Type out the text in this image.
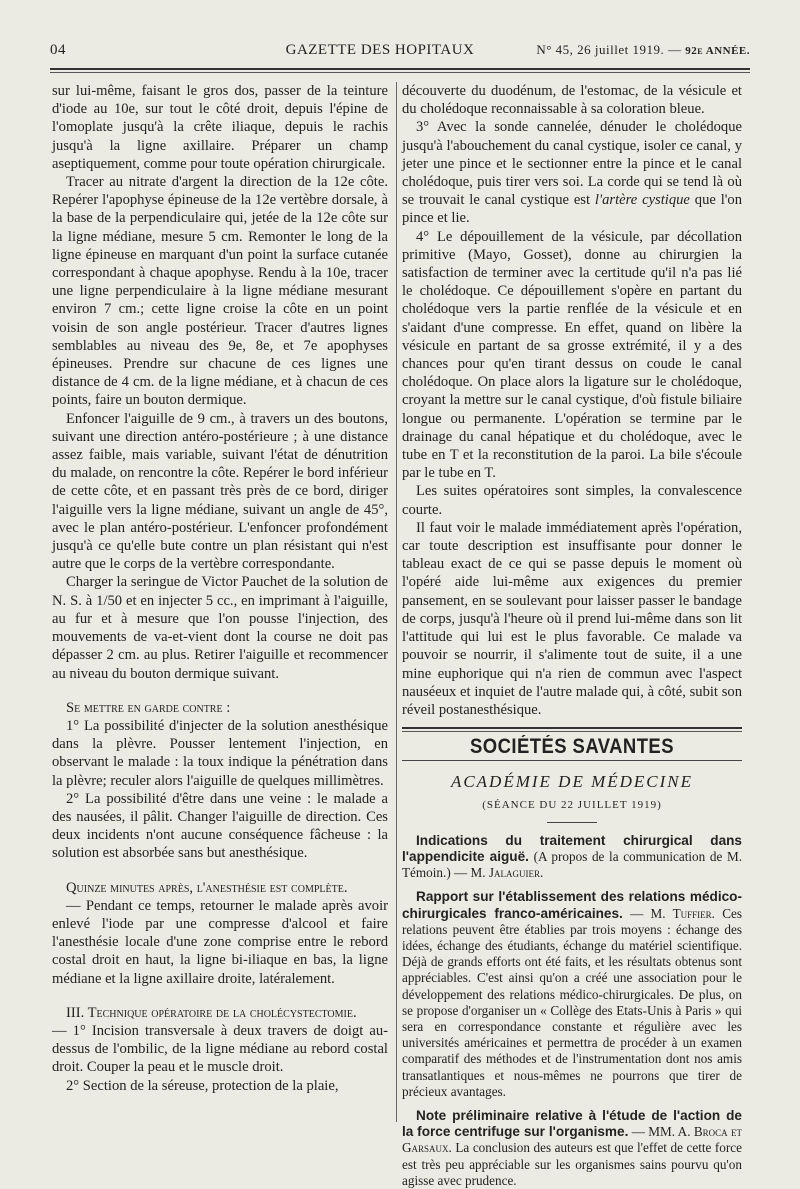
04	GAZETTE DES HOPITAUX	N° 45, 26 juillet 1919. — 92e ANNÉE.

sur lui-même, faisant le gros dos, passer de la teinture d'iode au 10e, sur tout le côté droit, depuis l'épine de l'omoplate jusqu'à la crête iliaque, depuis le rachis jusqu'à la ligne axillaire. Préparer un champ aseptiquement, comme pour toute opération chirurgicale.

Tracer au nitrate d'argent la direction de la 12e côte. Repérer l'apophyse épineuse de la 12e vertèbre dorsale, à la base de la perpendiculaire qui, jetée de la 12e côte sur la ligne médiane, mesure 5 cm. Remonter le long de la ligne épineuse en marquant d'un point la surface cutanée correspondant à chaque apophyse. Rendu à la 10e, tracer une ligne perpendiculaire à la ligne médiane mesurant environ 7 cm.; cette ligne croise la côte en un point voisin de son angle postérieur. Tracer d'autres lignes semblables au niveau des 9e, 8e, et 7e apophyses épineuses. Prendre sur chacune de ces lignes une distance de 4 cm. de la ligne médiane, et à chacun de ces points, faire un bouton dermique.

Enfoncer l'aiguille de 9 cm., à travers un des boutons, suivant une direction antéro-postérieure ; à une distance assez faible, mais variable, suivant l'état de dénutrition du malade, on rencontre la côte. Repérer le bord inférieur de cette côte, et en passant très près de ce bord, diriger l'aiguille vers la ligne médiane, suivant un angle de 45°, avec le plan antéro-postérieur. L'enfoncer profondément jusqu'à ce qu'elle bute contre un plan résistant qui n'est autre que le corps de la vertèbre correspondante.

Charger la seringue de Victor Pauchet de la solution de N. S. à 1/50 et en injecter 5 cc., en imprimant à l'aiguille, au fur et à mesure que l'on pousse l'injection, des mouvements de va-et-vient dont la course ne doit pas dépasser 2 cm. au plus. Retirer l'aiguille et recommencer au niveau du bouton dermique suivant.

Se mettre en garde contre :

1° La possibilité d'injecter de la solution anesthésique dans la plèvre. Pousser lentement l'injection, en observant le malade : la toux indique la pénétration dans la plèvre; reculer alors l'aiguille de quelques millimètres.

2° La possibilité d'être dans une veine : le malade a des nausées, il pâlit. Changer l'aiguille de direction. Ces deux incidents n'ont aucune conséquence fâcheuse : la solution est absorbée sans but anesthésique.

Quinze minutes après, l'anesthésie est complète.

— Pendant ce temps, retourner le malade après avoir enlevé l'iode par une compresse d'alcool et faire l'anesthésie locale d'une zone comprise entre le rebord costal droit en haut, la ligne bi-iliaque en bas, la ligne médiane et la ligne axillaire droite, latéralement.

III. Technique opératoire de la cholécystectomie.

— 1° Incision transversale à deux travers de doigt au-dessus de l'ombilic, de la ligne médiane au rebord costal droit. Couper la peau et le muscle droit.

2° Section de la séreuse, protection de la plaie,

découverte du duodénum, de l'estomac, de la vésicule et du cholédoque reconnaissable à sa coloration bleue.

3° Avec la sonde cannelée, dénuder le cholédoque jusqu'à l'abouchement du canal cystique, isoler ce canal, y jeter une pince et le sectionner entre la pince et le canal cholédoque, puis tirer vers soi. La corde qui se tend là où se trouvait le canal cystique est l'artère cystique que l'on pince et lie.

4° Le dépouillement de la vésicule, par décollation primitive (Mayo, Gosset), donne au chirurgien la satisfaction de terminer avec la certitude qu'il n'a pas lié le cholédoque. Ce dépouillement s'opère en partant du cholédoque vers la partie renflée de la vésicule et en s'aidant d'une compresse. En effet, quand on libère la vésicule en partant de sa grosse extrémité, il y a des chances pour qu'en tirant dessus on coude le canal cholédoque. On place alors la ligature sur le cholédoque, croyant la mettre sur le canal cystique, d'où fistule biliaire longue ou permanente. L'opération se termine par le drainage du canal hépatique et du cholédoque, avec le tube en T et la reconstitution de la paroi. La bile s'écoule par le tube en T.

Les suites opératoires sont simples, la convalescence courte.

Il faut voir le malade immédiatement après l'opération, car toute description est insuffisante pour donner le tableau exact de ce qui se passe depuis le moment où l'opéré aide lui-même aux exigences du premier pansement, en se soulevant pour laisser passer le bandage de corps, jusqu'à l'heure où il prend lui-même dans son lit l'attitude qui lui est le plus favorable. Ce malade va pouvoir se nourrir, il s'alimente tout de suite, il a une mine euphorique qui n'a rien de commun avec l'aspect nauséeux et inquiet de l'autre malade qui, à côté, subit son réveil postanesthésique.

SOCIÉTÉS SAVANTES
ACADÉMIE DE MÉDECINE
(SÉANCE DU 22 JUILLET 1919)

Indications du traitement chirurgical dans l'appendicite aiguë. (A propos de la communication de M. Témoin.) — M. Jalaguier.

Rapport sur l'établissement des relations médico-chirurgicales franco-américaines. — M. Tuffier. Ces relations peuvent être établies par trois moyens : échange des idées, échange des étudiants, échange du matériel scientifique. Déjà de grands efforts ont été faits, et les résultats obtenus sont appréciables. C'est ainsi qu'on a créé une association pour le développement des relations médico-chirurgicales. De plus, on se propose d'organiser un « Collège des Etats-Unis à Paris » qui sera en correspondance constante et régulière avec les universités américaines et permettra de procéder à un examen comparatif des méthodes et de l'instrumentation dont nos amis transatlantiques et nous-mêmes ne pourrons que tirer de précieux avantages.

Note préliminaire relative à l'étude de l'action de la force centrifuge sur l'organisme. — MM. A. Broca et Garsaux. La conclusion des auteurs est que l'effet de cette force est très peu appréciable sur les organismes sains pourvu qu'on agisse avec prudence.
